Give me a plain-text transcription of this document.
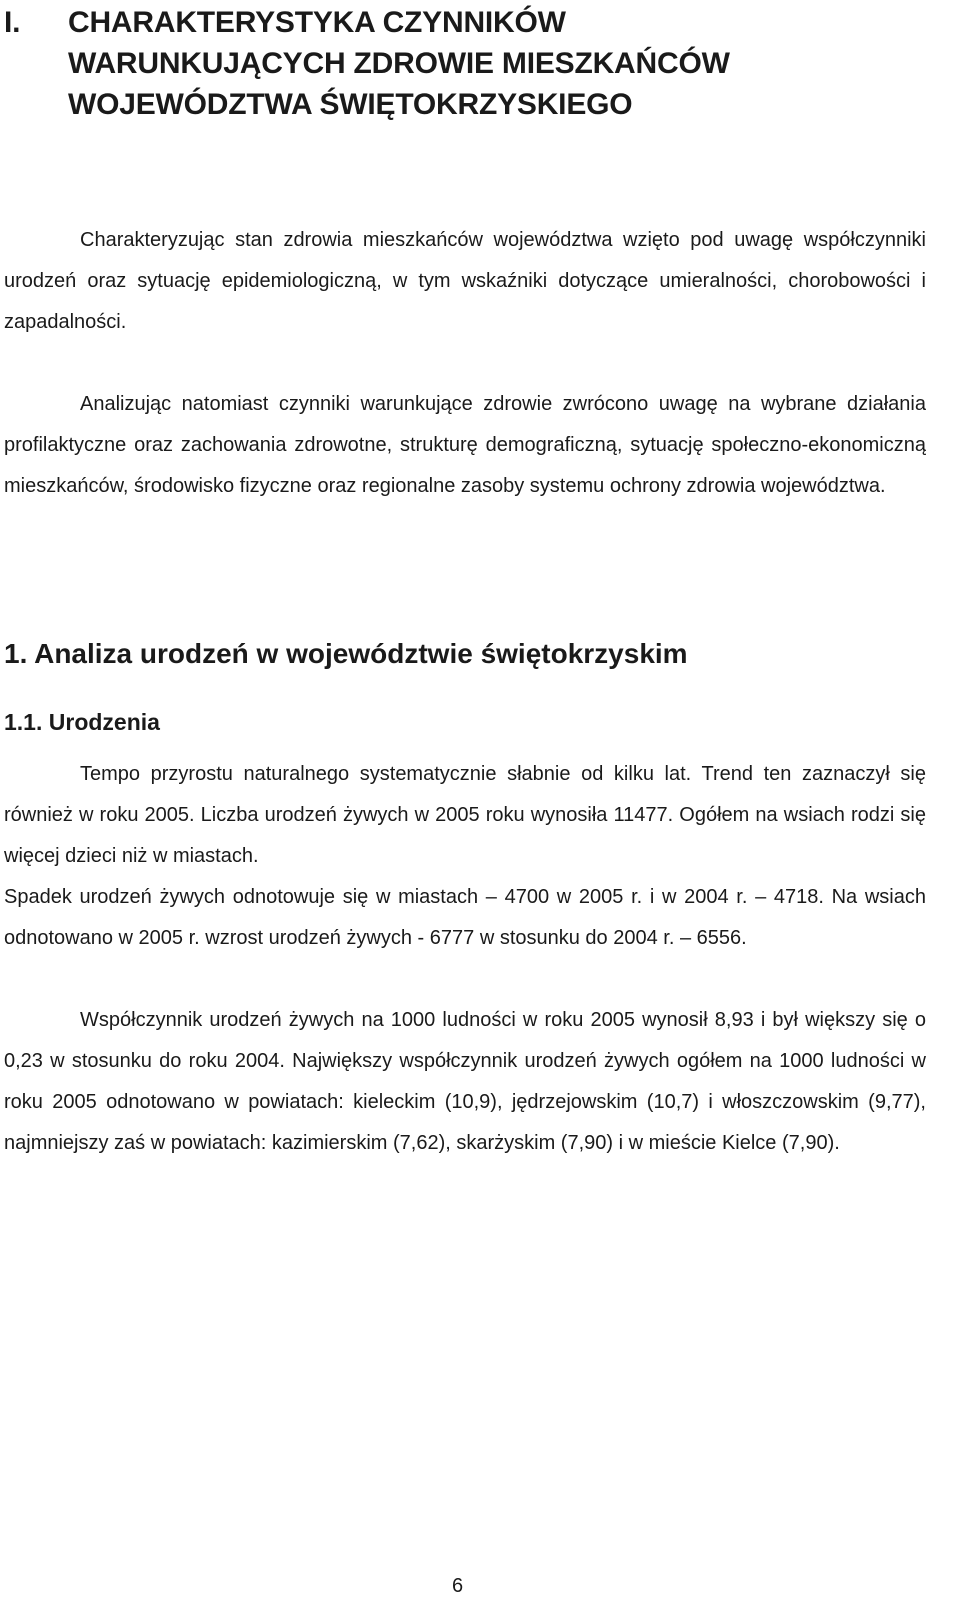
I. CHARAKTERYSTYKA CZYNNIKÓW
WARUNKUJĄCYCH ZDROWIE MIESZKAŃCÓW
WOJEWÓDZTWA ŚWIĘTOKRZYSKIEGO

Charakteryzując stan zdrowia mieszkańców województwa wzięto pod uwagę współczynniki urodzeń oraz sytuację epidemiologiczną, w tym wskaźniki dotyczące umieralności, chorobowości i zapadalności.

Analizując natomiast czynniki warunkujące zdrowie zwrócono uwagę na wybrane działania profilaktyczne oraz zachowania zdrowotne, strukturę demograficzną, sytuację społeczno-ekonomiczną mieszkańców, środowisko fizyczne oraz regionalne zasoby systemu ochrony zdrowia województwa.

1. Analiza urodzeń w województwie świętokrzyskim
1.1. Urodzenia

Tempo przyrostu naturalnego systematycznie słabnie od kilku lat. Trend ten zaznaczył się również w roku 2005. Liczba urodzeń żywych w 2005 roku wynosiła 11477. Ogółem na wsiach rodzi się więcej dzieci niż w miastach.

Spadek urodzeń żywych odnotowuje się w miastach – 4700 w 2005 r. i w 2004 r. – 4718. Na wsiach odnotowano w 2005 r. wzrost urodzeń żywych - 6777 w stosunku do 2004 r. – 6556.

Współczynnik urodzeń żywych na 1000 ludności w roku 2005 wynosił 8,93 i był większy się o 0,23 w stosunku do roku 2004. Największy współczynnik urodzeń żywych ogółem na 1000 ludności w roku 2005 odnotowano w powiatach: kieleckim (10,9), jędrzejowskim (10,7) i włoszczowskim (9,77), najmniejszy zaś w powiatach: kazimierskim (7,62), skarżyskim (7,90) i w mieście Kielce (7,90).

6
